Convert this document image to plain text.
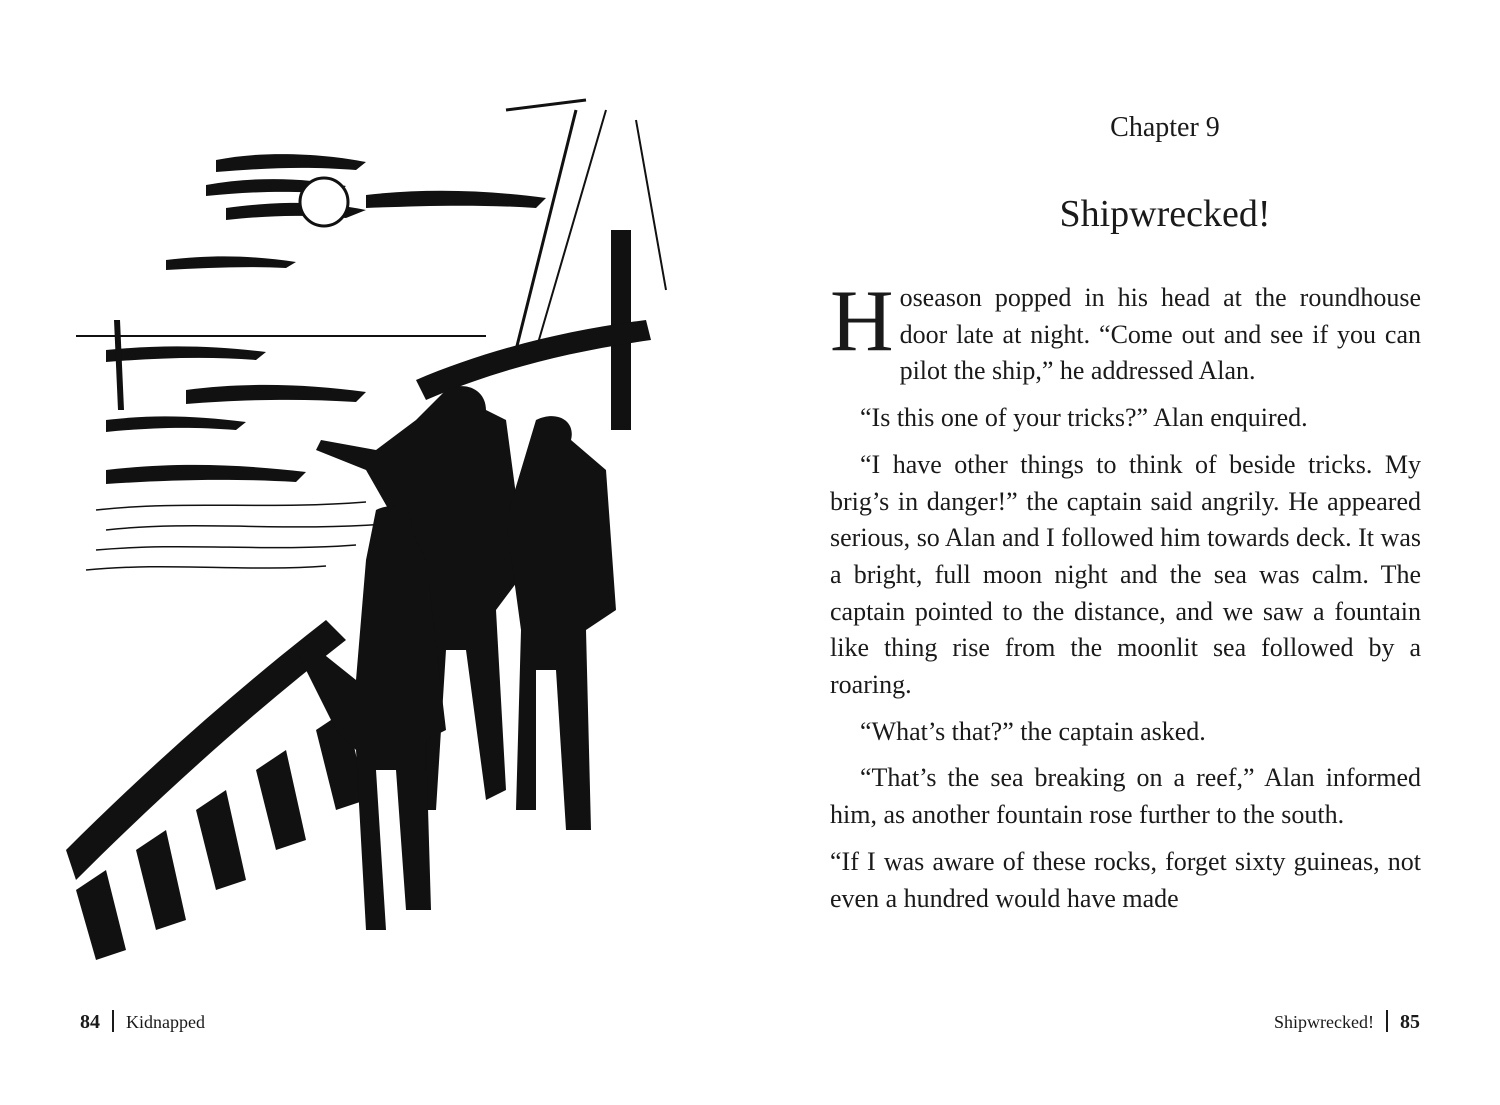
84 Kidnapped
Chapter 9
Shipwrecked!

Hoseason popped in his head at the roundhouse door late at night. “Come out and see if you can pilot the ship,” he addressed Alan.

“Is this one of your tricks?” Alan enquired.

“I have other things to think of beside tricks. My brig’s in danger!” the captain said angrily. He appeared serious, so Alan and I followed him towards deck. It was a bright, full moon night and the sea was calm. The captain pointed to the distance, and we saw a fountain like thing rise from the moonlit sea followed by a roaring.

“What’s that?” the captain asked.

“That’s the sea breaking on a reef,” Alan informed him, as another fountain rose further to the south.

“If I was aware of these rocks, forget sixty guineas, not even a hundred would have made

Shipwrecked! 85
